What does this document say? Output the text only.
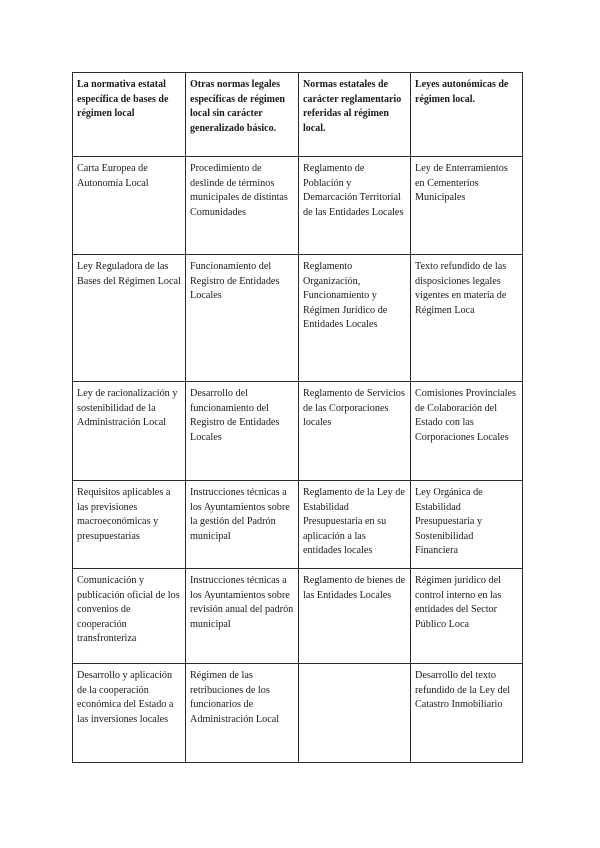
La normativa estatal específica de bases de régimen local	Otras normas legales específicas de régimen local sin carácter generalizado básico.	Normas estatales de carácter reglamentario referidas al régimen local.	Leyes autonómicas de régimen local.
Carta Europea de Autonomía Local	Procedimiento de deslinde de términos municipales de distintas Comunidades	Reglamento de Población y Demarcación Territorial de las Entidades Locales	Ley de Enterramientos en Cementerios Municipales
Ley Reguladora de las Bases del Régimen Local	Funcionamiento del Registro de Entidades Locales	Reglamento Organización, Funcionamiento y Régimen Jurídico de Entidades Locales	Texto refundido de las disposiciones legales vigentes en materia de Régimen Loca
Ley de racionalización y sostenibilidad de la Administración Local	Desarrollo del funcionamiento del Registro de Entidades Locales	Reglamento de Servicios de las Corporaciones locales	Comisiones Provinciales de Colaboración del Estado con las Corporaciones Locales
Requisitos aplicables a las previsiones macroeconómicas y presupuestarias	Instrucciones técnicas a los Ayuntamientos sobre la gestión del Padrón municipal	Reglamento de la Ley de Estabilidad Presupuestaria en su aplicación a las entidades locales	Ley Orgánica de Estabilidad Presupuestaria y Sostenibilidad Financiera
Comunicación y publicación oficial de los convenios de cooperación transfronteriza	Instrucciones técnicas a los Ayuntamientos sobre revisión anual del padrón municipal	Reglamento de bienes de las Entidades Locales	Régimen jurídico del control interno en las entidades del Sector Público Loca
Desarrollo y aplicación de la cooperación económica del Estado a las inversiones locales	Régimen de las retribuciones de los funcionarios de Administración Local		Desarrollo del texto refundido de la Ley del Catastro Inmobiliario
